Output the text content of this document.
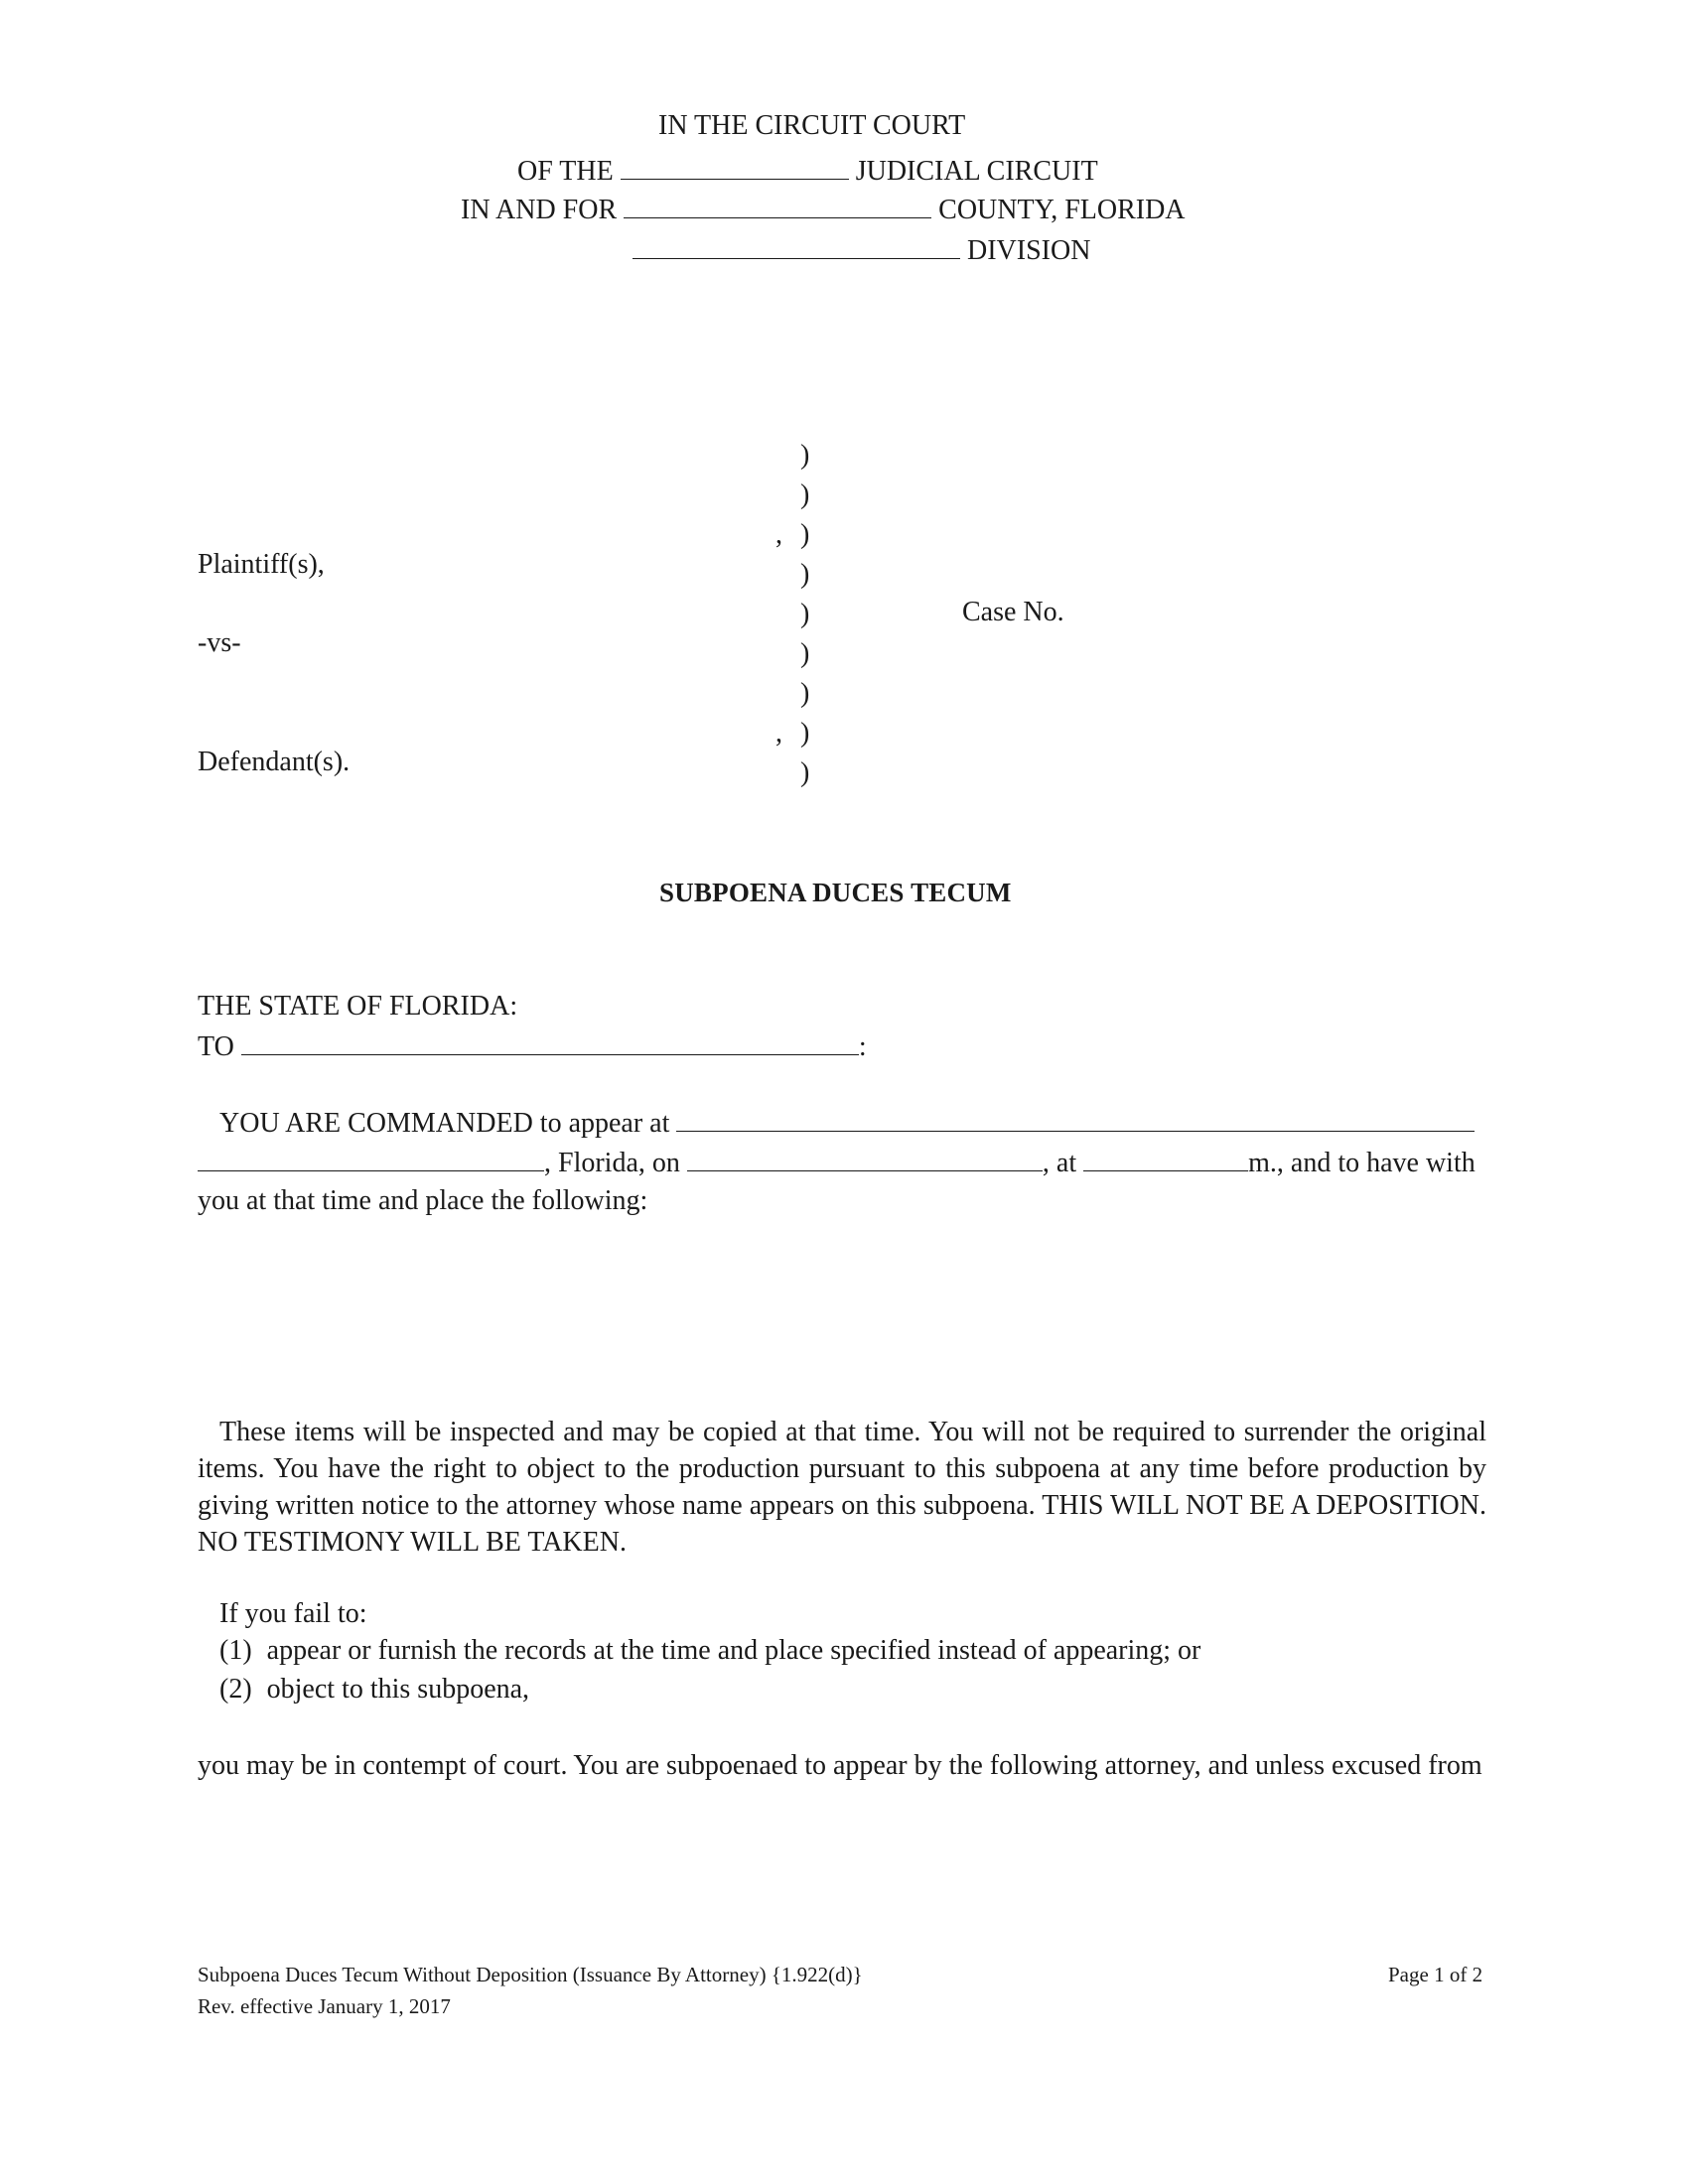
IN THE CIRCUIT COURT
OF THE	JUDICIAL CIRCUIT
IN AND FOR	COUNTY, FLORIDA
DIVISION
)
)
)
)
)
)
)
)
)
,
,
Plaintiff(s),
-vs-
Defendant(s).
Case No.
SUBPOENA DUCES TECUM
THE STATE OF FLORIDA:
TO	:
YOU ARE COMMANDED to appear at
, Florida, on	, at	m., and to have with
you at that time and place the following:
These items will be inspected and may be copied at that time. You will not be required to surrender the original items. You have the right to object to the production pursuant to this subpoena at any time before production by giving written notice to the attorney whose name appears on this subpoena. THIS WILL NOT BE A DEPOSITION. NO TESTIMONY WILL BE TAKEN.
If you fail to:
(1) appear or furnish the records at the time and place specified instead of appearing; or
(2) object to this subpoena,
you may be in contempt of court. You are subpoenaed to appear by the following attorney, and unless excused from
Subpoena Duces Tecum Without Deposition (Issuance By Attorney) {1.922(d)}
Rev. effective January 1, 2017
Page 1 of 2
